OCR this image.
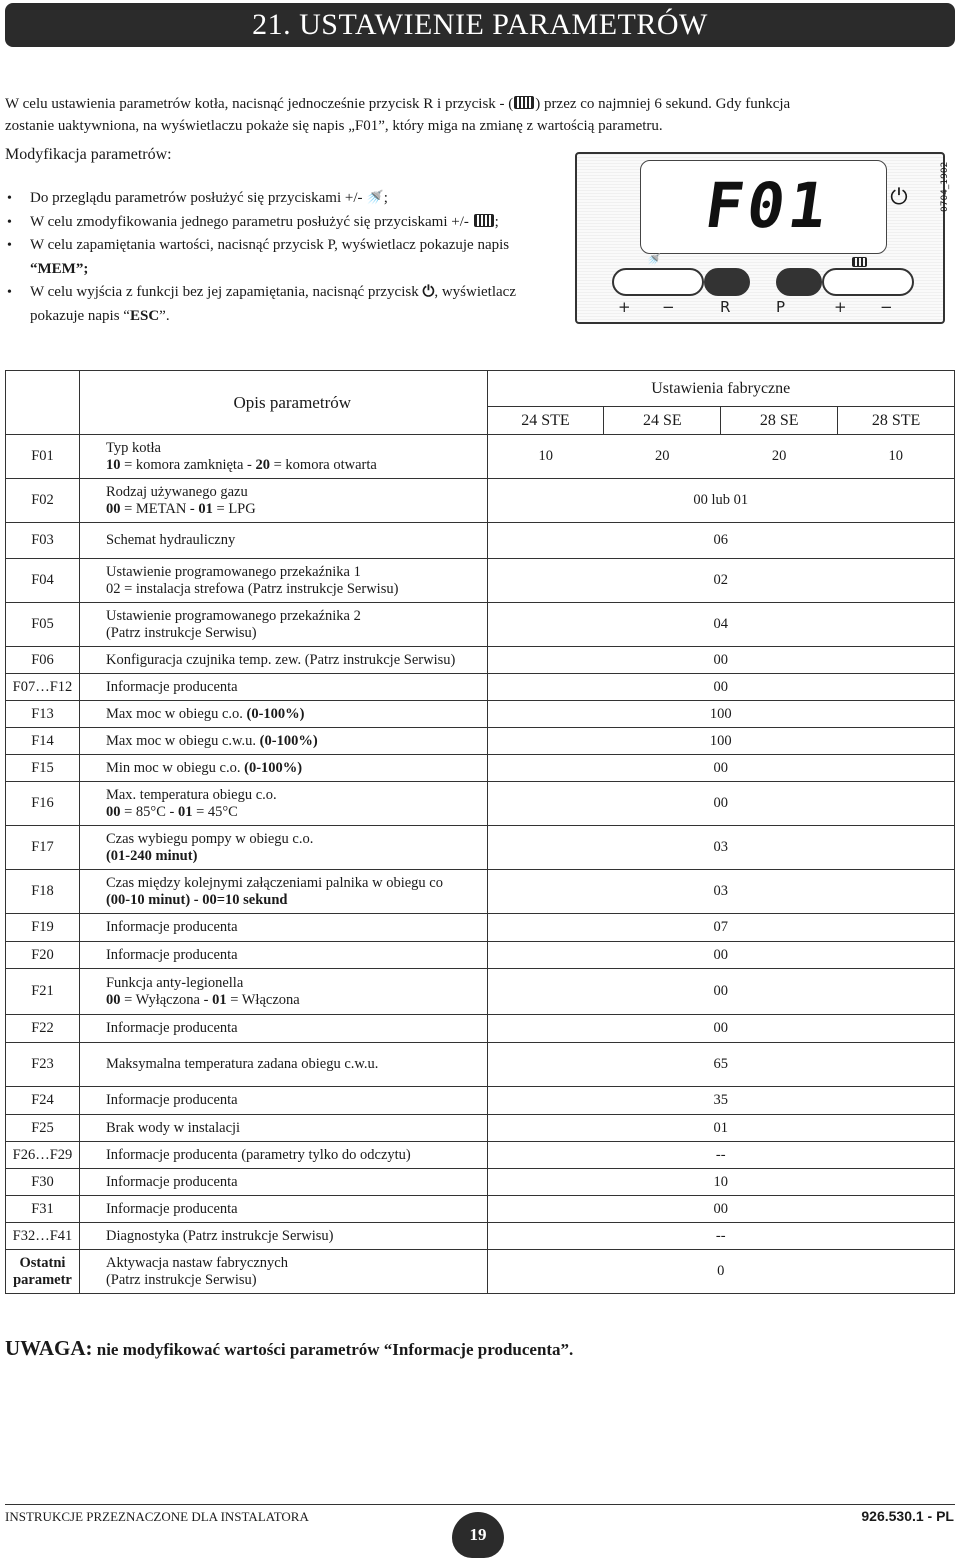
21. USTAWIENIE PARAMETRÓW
W celu ustawienia parametrów kotła, nacisnąć jednocześnie przycisk R i przycisk - ( ) przez co najmniej 6 sekund. Gdy funkcja
zostanie uaktywniona, na wyświetlaczu pokaże się napis „F01”, który miga na zmianę z wartością parametru.
Modyfikacja parametrów:
• Do przeglądu parametrów posłużyć się przyciskami +/- 🚿;
• W celu zmodyfikowania jednego parametru posłużyć się przyciskami +/- ;
• W celu zapamiętania wartości, nacisnąć przycisk P, wyświetlacz pokazuje napis
“MEM”;
• W celu wyjścia z funkcji bez jej zapamiętania, nacisnąć przycisk ⏻, wyświetlacz
pokazuje napis “ESC”.
F01	⏻
🚿
+ −	R	P	+ −
0704_1902
	Opis parametrów	Ustawienia fabryczne			
		24 STE	24 SE	28 SE	28 STE
F01	Typ kotła
10 = komora zamknięta - 20 = komora otwarta	10	20	20	10
F02	Rodzaj używanego gazu
00 = METAN - 01 = LPG	00 lub 01			
F03	Schemat hydrauliczny	06			
F04	Ustawienie programowanego przekaźnika 1
02 = instalacja strefowa (Patrz instrukcje Serwisu)	02			
F05	Ustawienie programowanego przekaźnika 2
(Patrz instrukcje Serwisu)	04			
F06	Konfiguracja czujnika temp. zew. (Patrz instrukcje Serwisu)	00			
F07…F12	Informacje producenta	00			
F13	Max moc w obiegu c.o. (0-100%)	100			
F14	Max moc w obiegu c.w.u. (0-100%)	100			
F15	Min moc w obiegu c.o. (0-100%)	00			
F16	Max. temperatura obiegu c.o.
00 = 85°C - 01 = 45°C	00			
F17	Czas wybiegu pompy w obiegu c.o.
(01-240 minut)	03			
F18	Czas między kolejnymi załączeniami palnika w obiegu co
(00-10 minut) - 00=10 sekund	03			
F19	Informacje producenta	07			
F20	Informacje producenta	00			
F21	Funkcja anty-legionella
00 = Wyłączona - 01 = Włączona	00			
F22	Informacje producenta	00			
F23	Maksymalna temperatura zadana obiegu c.w.u.	65			
F24	Informacje producenta	35			
F25	Brak wody w instalacji	01			
F26…F29	Informacje producenta (parametry tylko do odczytu)	--			
F30	Informacje producenta	10			
F31	Informacje producenta	00			
F32…F41	Diagnostyka (Patrz instrukcje Serwisu)	--			
Ostatni
parametr	Aktywacja nastaw fabrycznych
(Patrz instrukcje Serwisu)	0			
UWAGA: nie modyfikować wartości parametrów “Informacje producenta”.
INSTRUKCJE PRZEZNACZONE DLA INSTALATORA
19
926.530.1 - PL
